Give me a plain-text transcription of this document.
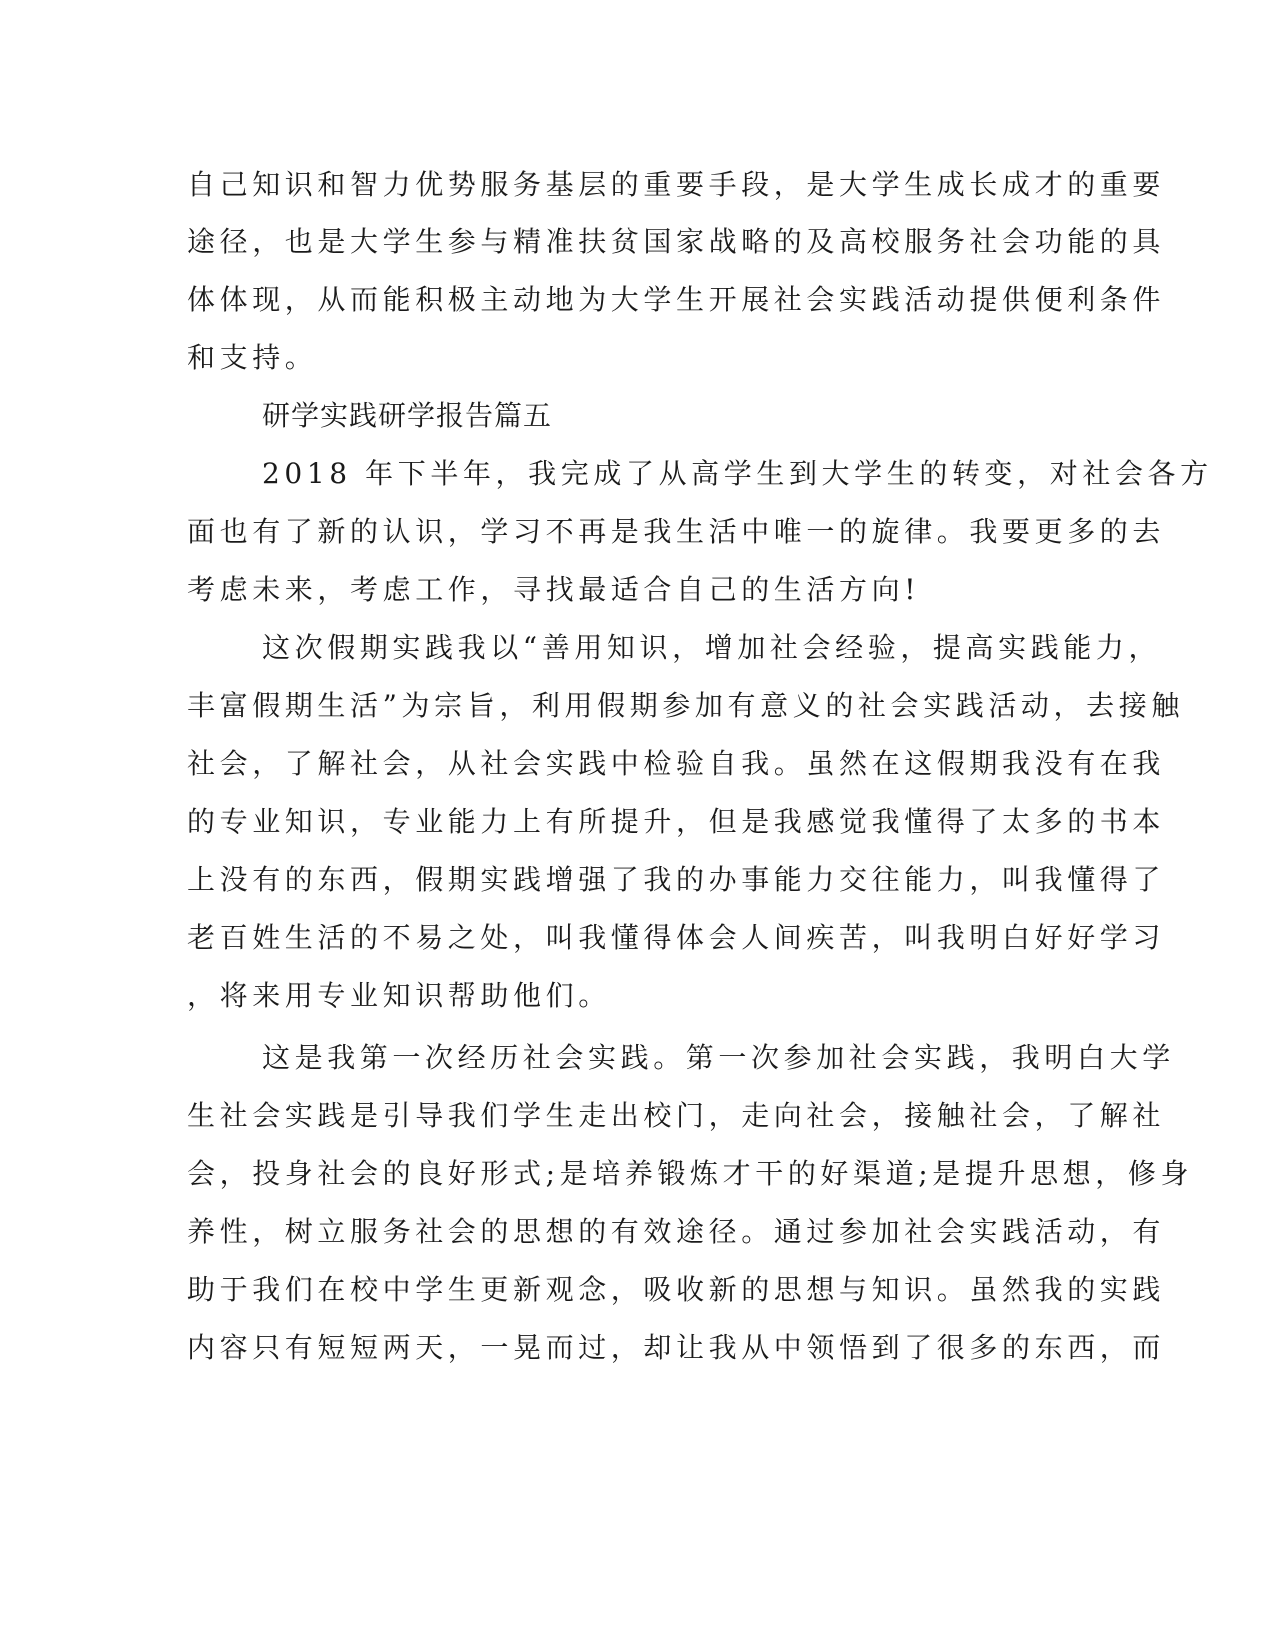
自己知识和智力优势服务基层的重要手段，是大学生成长成才的重要

途径，也是大学生参与精准扶贫国家战略的及高校服务社会功能的具

体体现，从而能积极主动地为大学生开展社会实践活动提供便利条件

和支持。

研学实践研学报告篇五

2018 年下半年，我完成了从高学生到大学生的转变，对社会各方

面也有了新的认识，学习不再是我生活中唯一的旋律。我要更多的去

考虑未来，考虑工作，寻找最适合自己的生活方向!

这次假期实践我以“善用知识，增加社会经验，提高实践能力，

丰富假期生活”为宗旨，利用假期参加有意义的社会实践活动，去接触

社会，了解社会，从社会实践中检验自我。虽然在这假期我没有在我

的专业知识，专业能力上有所提升，但是我感觉我懂得了太多的书本

上没有的东西，假期实践增强了我的办事能力交往能力，叫我懂得了

老百姓生活的不易之处，叫我懂得体会人间疾苦，叫我明白好好学习

，将来用专业知识帮助他们。

这是我第一次经历社会实践。第一次参加社会实践，我明白大学

生社会实践是引导我们学生走出校门，走向社会，接触社会，了解社

会，投身社会的良好形式;是培养锻炼才干的好渠道;是提升思想，修身

养性，树立服务社会的思想的有效途径。通过参加社会实践活动，有

助于我们在校中学生更新观念，吸收新的思想与知识。虽然我的实践

内容只有短短两天，一晃而过，却让我从中领悟到了很多的东西，而
